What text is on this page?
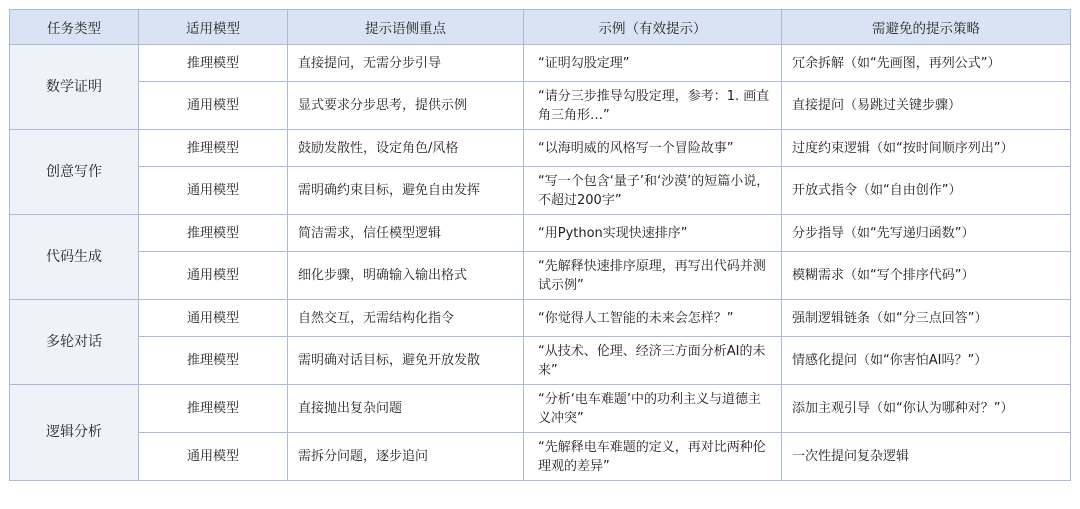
任务类型	适用模型	提示语侧重点	示例（有效提示）	需避免的提示策略
数学证明	推理模型	直接提问，无需分步引导	“证明勾股定理”	冗余拆解（如“先画图，再列公式”）
	通用模型	显式要求分步思考，提供示例	“请分三步推导勾股定理，参考：1. 画直角三角形…”	直接提问（易跳过关键步骤）
创意写作	推理模型	鼓励发散性，设定角色/风格	“以海明威的风格写一个冒险故事”	过度约束逻辑（如“按时间顺序列出”）
	通用模型	需明确约束目标，避免自由发挥	“写一个包含‘量子’和‘沙漠’的短篇小说，不超过200字”	开放式指令（如“自由创作”）
代码生成	推理模型	简洁需求，信任模型逻辑	“用Python实现快速排序”	分步指导（如“先写递归函数”）
	通用模型	细化步骤，明确输入输出格式	“先解释快速排序原理，再写出代码并测试示例”	模糊需求（如“写个排序代码”）
多轮对话	通用模型	自然交互，无需结构化指令	“你觉得人工智能的未来会怎样？”	强制逻辑链条（如“分三点回答”）
	推理模型	需明确对话目标，避免开放发散	“从技术、伦理、经济三方面分析AI的未来”	情感化提问（如“你害怕AI吗？”）
逻辑分析	推理模型	直接抛出复杂问题	“分析‘电车难题’中的功利主义与道德主义冲突”	添加主观引导（如“你认为哪种对？”）
	通用模型	需拆分问题，逐步追问	“先解释电车难题的定义，再对比两种伦理观的差异”	一次性提问复杂逻辑
